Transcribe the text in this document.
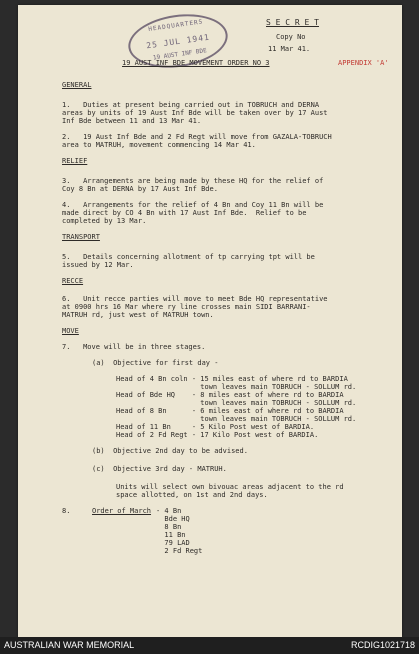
HEADQUARTERS
25 JUL 1941
19 AUST INF BDE

S E C R E T

Copy No

11 Mar 41.

19 AUST INF BDE MOVEMENT ORDER NO 3	APPENDIX 'A'

GENERAL

1.   Duties at present being carried out in TOBRUCH and DERNA
areas by units of 19 Aust Inf Bde will be taken over by 17 Aust
Inf Bde between 11 and 13 Mar 41.

2.   19 Aust Inf Bde and 2 Fd Regt will move from GAZALA-TOBRUCH
area to MATRUH, movement commencing 14 Mar 41.

RELIEF

3.   Arrangements are being made by these HQ for the relief of
Coy 8 Bn at DERNA by 17 Aust Inf Bde.

4.   Arrangements for the relief of 4 Bn and Coy 11 Bn will be
made direct by CO 4 Bn with 17 Aust Inf Bde.  Relief to be
completed by 13 Mar.

TRANSPORT

5.   Details concerning allotment of tp carrying tpt will be
issued by 12 Mar.

RECCE

6.   Unit recce parties will move to meet Bde HQ representative
at 0900 hrs 16 Mar where ry line crosses main SIDI BARRANI-
MATRUH rd, just west of MATRUH town.

MOVE

7.   Move will be in three stages.

(a)  Objective for first day -

Head of 4 Bn coln - 15 miles east of where rd to BARDIA
town leaves main TOBRUCH - SOLLUM rd.
Head of Bde HQ    - 8 miles east of where rd to BARDIA
town leaves main TOBRUCH - SOLLUM rd.
Head of 8 Bn      - 6 miles east of where rd to BARDIA
town leaves main TOBRUCH - SOLLUM rd.
Head of 11 Bn     - 5 Kilo Post west of BARDIA.
Head of 2 Fd Regt - 17 Kilo Post west of BARDIA.

(b)  Objective 2nd day to be advised.

(c)  Objective 3rd day - MATRUH.

Units will select own bivouac areas adjacent to the rd
space allotted, on 1st and 2nd days.

8.	Order of March - 4 Bn
Bde HQ
8 Bn
11 Bn
79 LAD
2 Fd Regt

AUSTRALIAN WAR MEMORIAL	RCDIG1021718
